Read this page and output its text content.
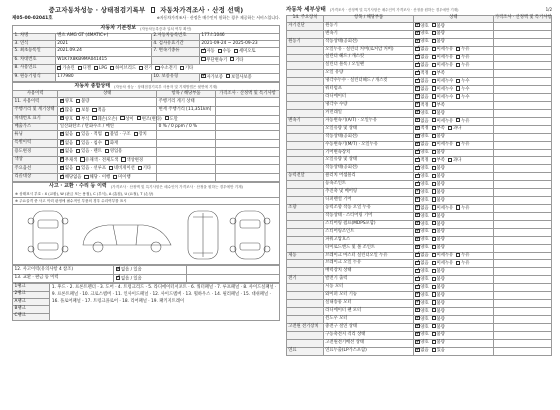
중고자동차성능 · 상태점검기록부 자동차가격조사 · 산정 선택)
제05-00-02041호	※자동차가격조사 · 산정은 매수인이 원하는 경우 제공하는 서비스입니다.
자동차 기본정보 (자동차등록증과 일치 여부 확인)
1. 차명	벤츠 AMG GT (4MATIC+)	2.자동차등록번호	177소1046
3. 연식	2021	4. 검사유효기간	2021-09-24 ~ 2025-09-23
5. 최초등록일	2021.09.24	7. 변속기종류	✓자동 수동 세미오토
6. 차대번호	W1K7X8KB9MA041415		무단변속기 기타
8. 사용연료	✓가솔린 디젤 LPG 하이브리드 전기 수소전기 기타
9. 원동기형식	177980	10. 보증유형	✓자가보증 보험사보증
자동차 종합상태 (자동차 성능 · 상태점검기록부 사용자 및 기재방법은 뒷면에 기재)
사용이력	상태	항목 / 해당부품	가격조사 · 산정액 및 특기사항
11. 사용이력	✓양호 불량	주행거리 계기 상태	
주행거리 및 계기상태	✓많음 보통 적음	현재 주행거리 [11,351km]	
차대번호 표기	✓양호 부식 훼손(오손) 상이 변조(변타) 도말		
배출가스	일산화탄소 / 탄화수소 / 매연	0 % / 0 ppm / 0 %	
튜닝	✓없음 있음 · 적법 불법 · 구조 장치		
특별이력	✓없음 있음 · 침수 화재		
용도변경	✓없음 있음 · 렌트 영업용		
색상	✓무채색 유채색 · 전체도색 색상변경		
주요옵션	✓없음 있음 · 선루프 네비게이션 기타		
리콜대상	✓해당없음 해당 · 이행 미이행		
사고 · 교환 · 수리 등 이력 (가격조사 · 산정액 및 특기사항은 매수인이 가격조사 · 산정을 원하는 경우에만 기재)
※ 상태표시 부호 : X (교환), W (판금 또는 용접), C (부식), A (흠집), U (요철), T (손상)
※ 주요골격 중 사고 이력 판정에 필수적인 부품의 경우 수리여부를 표시
12. 사고이력(유의사항 4 참조)	✓없음 / 있음	
13. 교환 · 판금 등 이력	✓없음 / 있음	
1랭크	1. 후드 · 2. 프론트펜더 · 3. 도어 · 4. 트렁크리드 · 5. 라디에이터서포트 · 6. 쿼터패널 · 7. 루프패널 · 8. 사이드실패널 · 9. 프론트패널 · 10. 크로스멤버 · 11. 인사이드패널 · 12. 사이드멤버 · 13. 휠하우스 · 14. 필러패널 · 15. 대쉬패널 · 16. 플로어패널 · 17. 트렁크플로어 · 18. 리어패널 · 19. 패키지트레이
2랭크
A랭크
B랭크
C랭크
자동차 세부상태 (가격조사 · 산정액 및 특기사항은 매수인이 가격조사 · 산정을 원하는 경우에만 기재)	1/2
14. 주요장치	항목 / 해당부품	상태	가격조사 · 산정액 및 특기사항
자기진단	원동기	✓양호 불량	
	변속기	✓양호 불량	
원동기	작동상태(공회전)	✓양호 불량	
	오일누유 · 실린더 커버(로커암 커버)	✓없음 미세누유 누유	
	실린더 헤드 / 개스킷	✓없음 미세누유 누유	
	실린더 블록 / 오일팬	✓없음 미세누유 누유	
	오일 유량	✓적정 부족	
	냉각수누수 · 실린더헤드 / 개스킷	✓없음 미세누수 누수	
	워터펌프	✓없음 미세누수 누수	
	라디에이터	✓없음 미세누수 누수	
	냉각수 수량	✓적정 부족	
	커먼레일	✓양호 불량	
변속기	자동변속기(A/T) · 오일누유	✓없음 미세누유 누유	
	오일유량 및 상태	✓적정 부족 과다	
	작동상태(공회전)	✓양호 불량	
	수동변속기(M/T) · 오일누유	✓없음 미세누유 누유	
	기어변속장치	✓양호 불량	
	오일유량 및 상태	✓적정 부족 과다	
	작동상태(공회전)	✓양호 불량	
동력전달	클러치 어셈블리	✓양호 불량	
	등속조인트	✓양호 불량	
	추진축 및 베어링	✓양호 불량	
	디퍼렌셜 기어	✓양호 불량	
조향	동력조향 작동 오일 누유	✓없음 미세누유 누유	
	작동상태 · 스티어링 기어	✓양호 불량	
	스티어링 펌프(MDPS포함)	✓양호 불량	
	스티어링조인트	✓양호 불량	
	파워고압호스	✓양호 불량	
	타이로드엔드 및 볼 조인트	✓양호 불량	
제동	브레이크 마스터 실린더오일 누유	✓없음 미세누유 누유	
	브레이크 오일 누유	✓없음 미세누유 누유	
	배력장치 상태	✓양호 불량	
전기	발전기 출력	✓양호 불량	
	시동 모터	✓양호 불량	
	와이퍼 모터 기능	✓양호 불량	
	실내송풍 모터	✓양호 불량	
	라디에이터 팬 모터	✓양호 불량	
	윈도우 모터	✓양호 불량	
고전원 전기장치	충전구 절연 상태	✓양호 불량	
	구동축전지 격리 상태	✓양호 불량	
	고전원전기배선 상태	✓양호 불량	
연료	연료누출(LP가스포함)	✓없음 있음	
